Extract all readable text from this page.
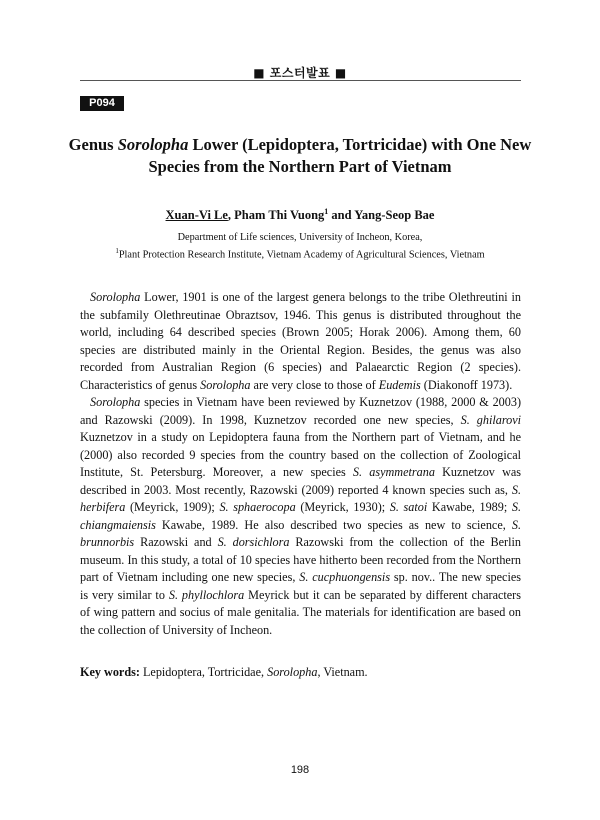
■ 포스터발표 ■
P094
Genus Sorolopha Lower (Lepidoptera, Tortricidae) with One New Species from the Northern Part of Vietnam
Xuan-Vi Le, Pham Thi Vuong$^1$ and Yang-Seop Bae
Department of Life sciences, University of Incheon, Korea,
$^1$Plant Protection Research Institute, Vietnam Academy of Agricultural Sciences, Vietnam

Sorolopha Lower, 1901 is one of the largest genera belongs to the tribe Olethreutini in the subfamily Olethreutinae Obraztsov, 1946. This genus is distributed throughout the world, including 64 described species (Brown 2005; Horak 2006). Among them, 60 species are distributed mainly in the Oriental Region. Besides, the genus was also recorded from Australian Region (6 species) and Palaearctic Region (2 species). Characteristics of genus Sorolopha are very close to those of Eudemis (Diakonoff 1973).

Sorolopha species in Vietnam have been reviewed by Kuznetzov (1988, 2000 & 2003) and Razowski (2009). In 1998, Kuznetzov recorded one new species, S. ghilarovi Kuznetzov in a study on Lepidoptera fauna from the Northern part of Vietnam, and he (2000) also recorded 9 species from the country based on the collection of Zoological Institute, St. Petersburg. Moreover, a new species S. asymmetrana Kuznetzov was described in 2003. Most recently, Razowski (2009) reported 4 known species such as, S. herbifera (Meyrick, 1909); S. sphaerocopa (Meyrick, 1930); S. satoi Kawabe, 1989; S. chiangmaiensis Kawabe, 1989. He also described two species as new to science, S. brunnorbis Razowski and S. dorsichlora Razowski from the collection of the Berlin museum. In this study, a total of 10 species have hitherto been recorded from the Northern part of Vietnam including one new species, S. cucphuongensis sp. nov.. The new species is very similar to S. phyllochlora Meyrick but it can be separated by different characters of wing pattern and socius of male genitalia. The materials for identification are based on the collection of University of Incheon.

Key words: Lepidoptera, Tortricidae, Sorolopha, Vietnam.
198
